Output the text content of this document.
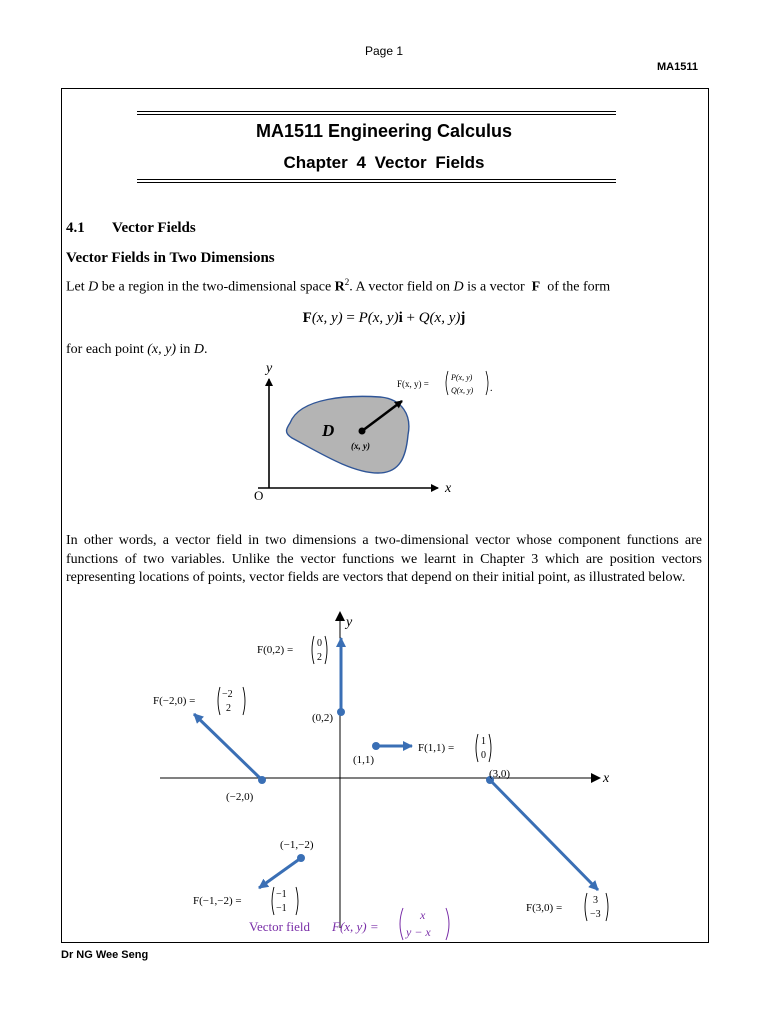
Page 1
MA1511
MA1511 Engineering Calculus
Chapter 4 Vector Fields
4.1 Vector Fields
Vector Fields in Two Dimensions
Let D be a region in the two-dimensional space $R^2$. A vector field on D is a vector  F  of the form
F(x, y) = P(x, y)i + Q(x, y)j
for each point (x, y) in D.
y
x
O
D
(x, y)
F(x, y) =
P(x, y)
Q(x, y) .
In other words, a vector field in two dimensions a two-dimensional vector whose component functions are functions of two variables. Unlike the vector functions we learnt in Chapter 3 which are position vectors representing locations of points, vector fields are vectors that depend on their initial point, as illustrated below.
x
y
(0,2)
F(0,2) =
0
2
(1,1)
F(1,1) =
1
0
(−2,0)
F(−2,0) =
−2
2
(3,0)
F(3,0) =
3
−3
(−1,−2)
F(−1,−2) =
−1
−1
Vector field F(x, y) =
x
y − x
Dr NG Wee Seng
